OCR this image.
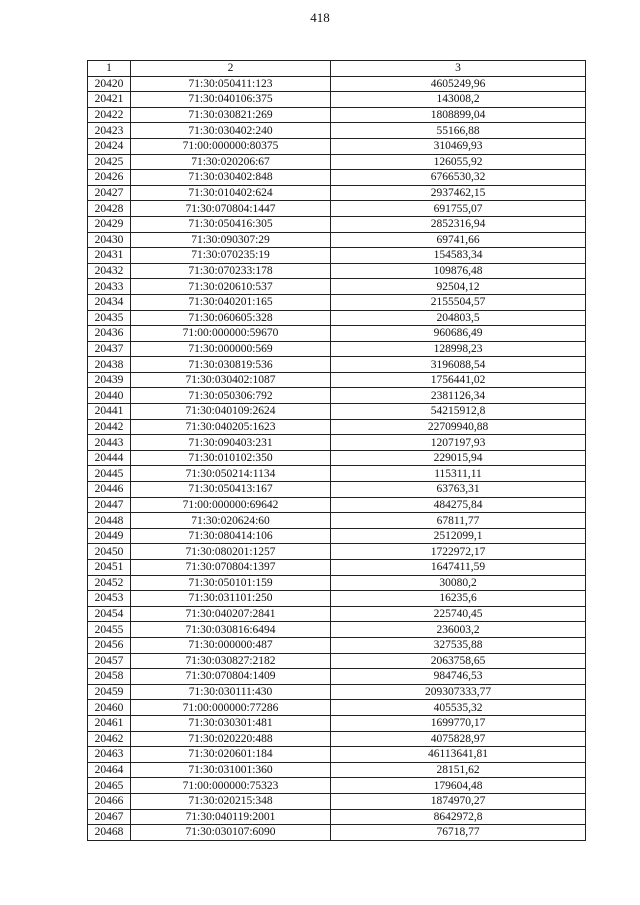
418
1	2	3
20420	71:30:050411:123	4605249,96
20421	71:30:040106:375	143008,2
20422	71:30:030821:269	1808899,04
20423	71:30:030402:240	55166,88
20424	71:00:000000:80375	310469,93
20425	71:30:020206:67	126055,92
20426	71:30:030402:848	6766530,32
20427	71:30:010402:624	2937462,15
20428	71:30:070804:1447	691755,07
20429	71:30:050416:305	2852316,94
20430	71:30:090307:29	69741,66
20431	71:30:070235:19	154583,34
20432	71:30:070233:178	109876,48
20433	71:30:020610:537	92504,12
20434	71:30:040201:165	2155504,57
20435	71:30:060605:328	204803,5
20436	71:00:000000:59670	960686,49
20437	71:30:000000:569	128998,23
20438	71:30:030819:536	3196088,54
20439	71:30:030402:1087	1756441,02
20440	71:30:050306:792	2381126,34
20441	71:30:040109:2624	54215912,8
20442	71:30:040205:1623	22709940,88
20443	71:30:090403:231	1207197,93
20444	71:30:010102:350	229015,94
20445	71:30:050214:1134	115311,11
20446	71:30:050413:167	63763,31
20447	71:00:000000:69642	484275,84
20448	71:30:020624:60	67811,77
20449	71:30:080414:106	2512099,1
20450	71:30:080201:1257	1722972,17
20451	71:30:070804:1397	1647411,59
20452	71:30:050101:159	30080,2
20453	71:30:031101:250	16235,6
20454	71:30:040207:2841	225740,45
20455	71:30:030816:6494	236003,2
20456	71:30:000000:487	327535,88
20457	71:30:030827:2182	2063758,65
20458	71:30:070804:1409	984746,53
20459	71:30:030111:430	209307333,77
20460	71:00:000000:77286	405535,32
20461	71:30:030301:481	1699770,17
20462	71:30:020220:488	4075828,97
20463	71:30:020601:184	46113641,81
20464	71:30:031001:360	28151,62
20465	71:00:000000:75323	179604,48
20466	71:30:020215:348	1874970,27
20467	71:30:040119:2001	8642972,8
20468	71:30:030107:6090	76718,77
